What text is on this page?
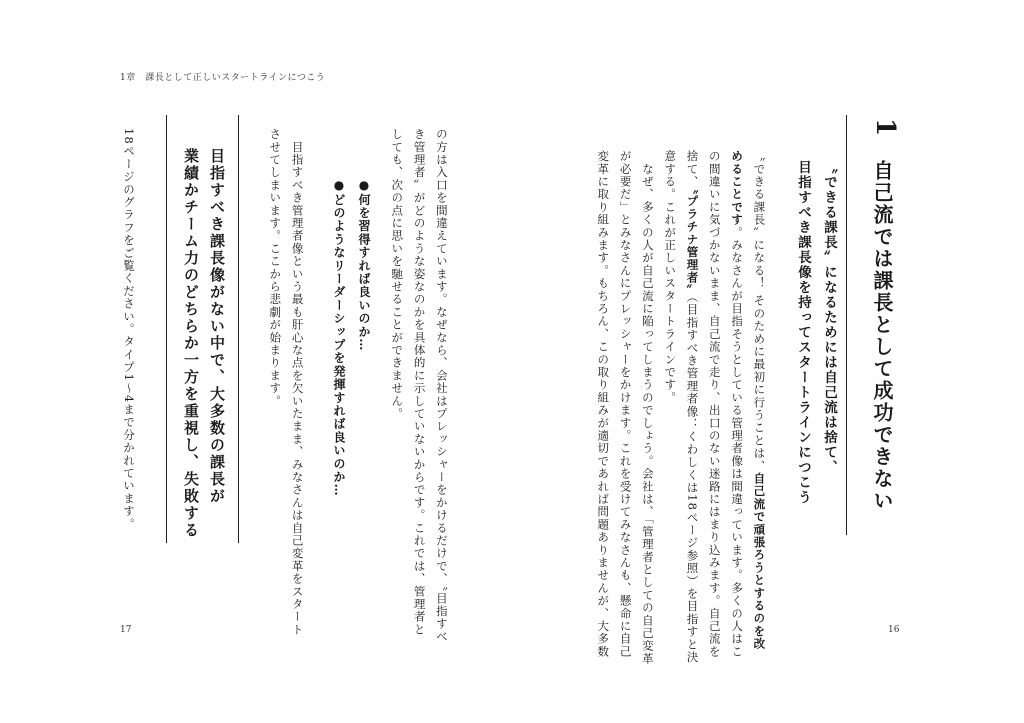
1章　課長として正しいスタートラインにつこう
1
自己流では課長として成功できない
〝できる課長〟になるためには自己流は捨て、
目指すべき課長像を持ってスタートラインにつこう
〝できる課長〟になる！ そのために最初に行うことは、自己流で頑張ろうとするのを改
めることです。みなさんが目指そうとしている管理者像は間違っています。多くの人はこ
の間違いに気づかないまま、自己流で走り、出口のない迷路にはまり込みます。自己流を
捨て、〝プラチナ管理者〟（目指すべき管理者像：くわしくは18ページ参照）を目指すと決
意する。これが正しいスタートラインです。
　なぜ、多くの人が自己流に陥ってしまうのでしょう。会社は、「管理者としての自己変革
が必要だ」とみなさんにプレッシャーをかけます。これを受けてみなさんも、懸命に自己
変革に取り組みます。もちろん、この取り組みが適切であれば問題ありませんが、大多数	16
の方は入口を間違えています。なぜなら、会社はプレッシャーをかけるだけで、〝目指すべ
き管理者〟がどのような姿なのかを具体的に示していないからです。これでは、管理者と
しても、次の点に思いを馳せることができません。
●何を習得すれば良いのか…
●どのようなリーダーシップを発揮すれば良いのか…
　目指すべき管理者像という最も肝心な点を欠いたまま、みなさんは自己変革をスタート
させてしまいます。ここから悲劇が始まります。
目指すべき課長像がない中で、大多数の課長が
業績かチーム力のどちらか一方を重視し、失敗する
18ページのグラフをご覧ください。タイプ1〜4まで分かれています。
17
